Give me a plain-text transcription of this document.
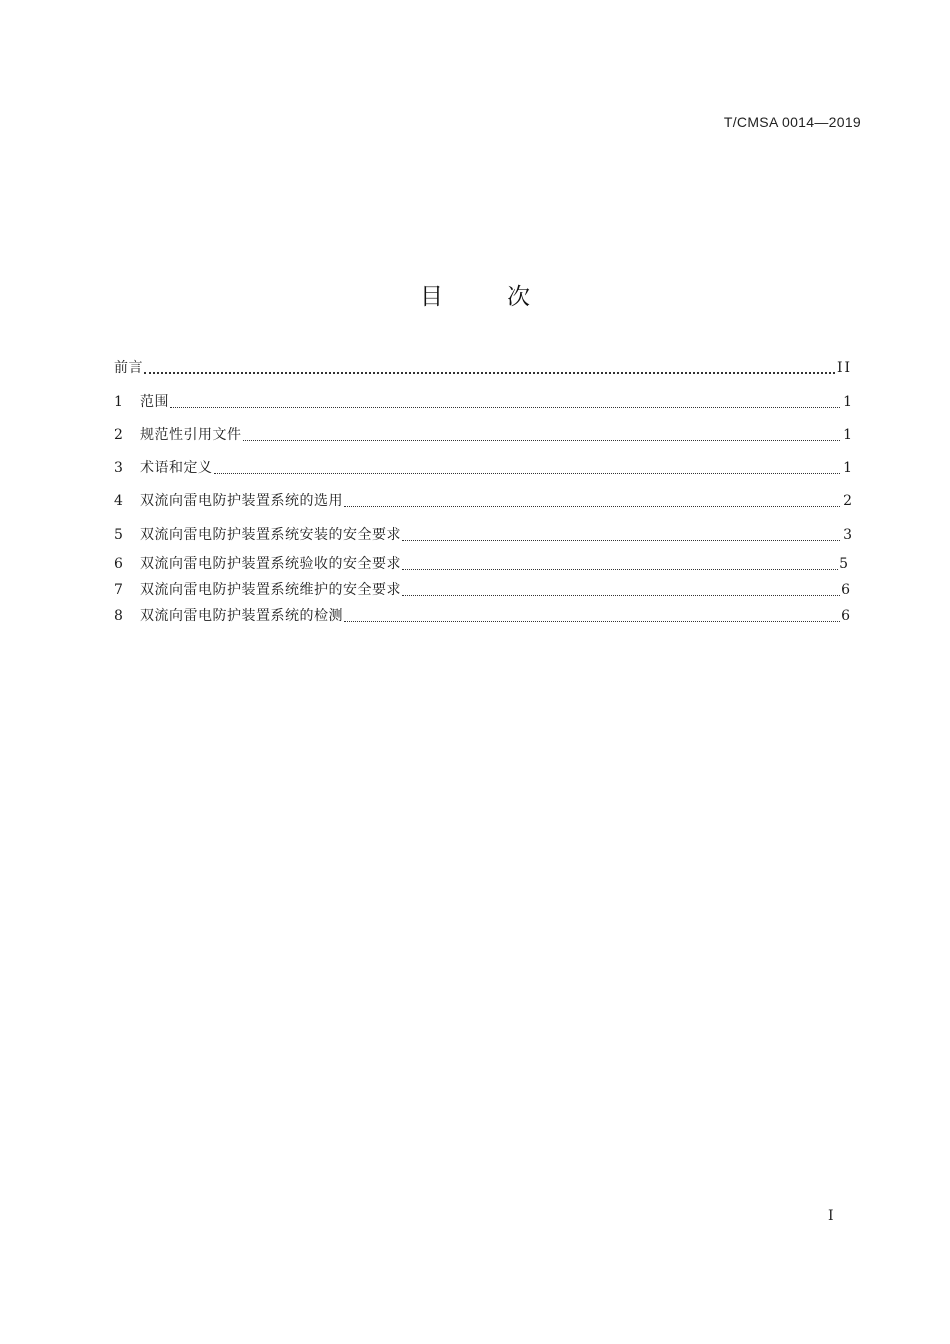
T/CMSA 0014—2019
目	次
前言	II
1	范围	1
2	规范性引用文件	1
3	术语和定义	1
4	双流向雷电防护装置系统的选用	2
5	双流向雷电防护装置系统安装的安全要求	3
6	双流向雷电防护装置系统验收的安全要求	5
7	双流向雷电防护装置系统维护的安全要求	6
8	双流向雷电防护装置系统的检测	6
I
